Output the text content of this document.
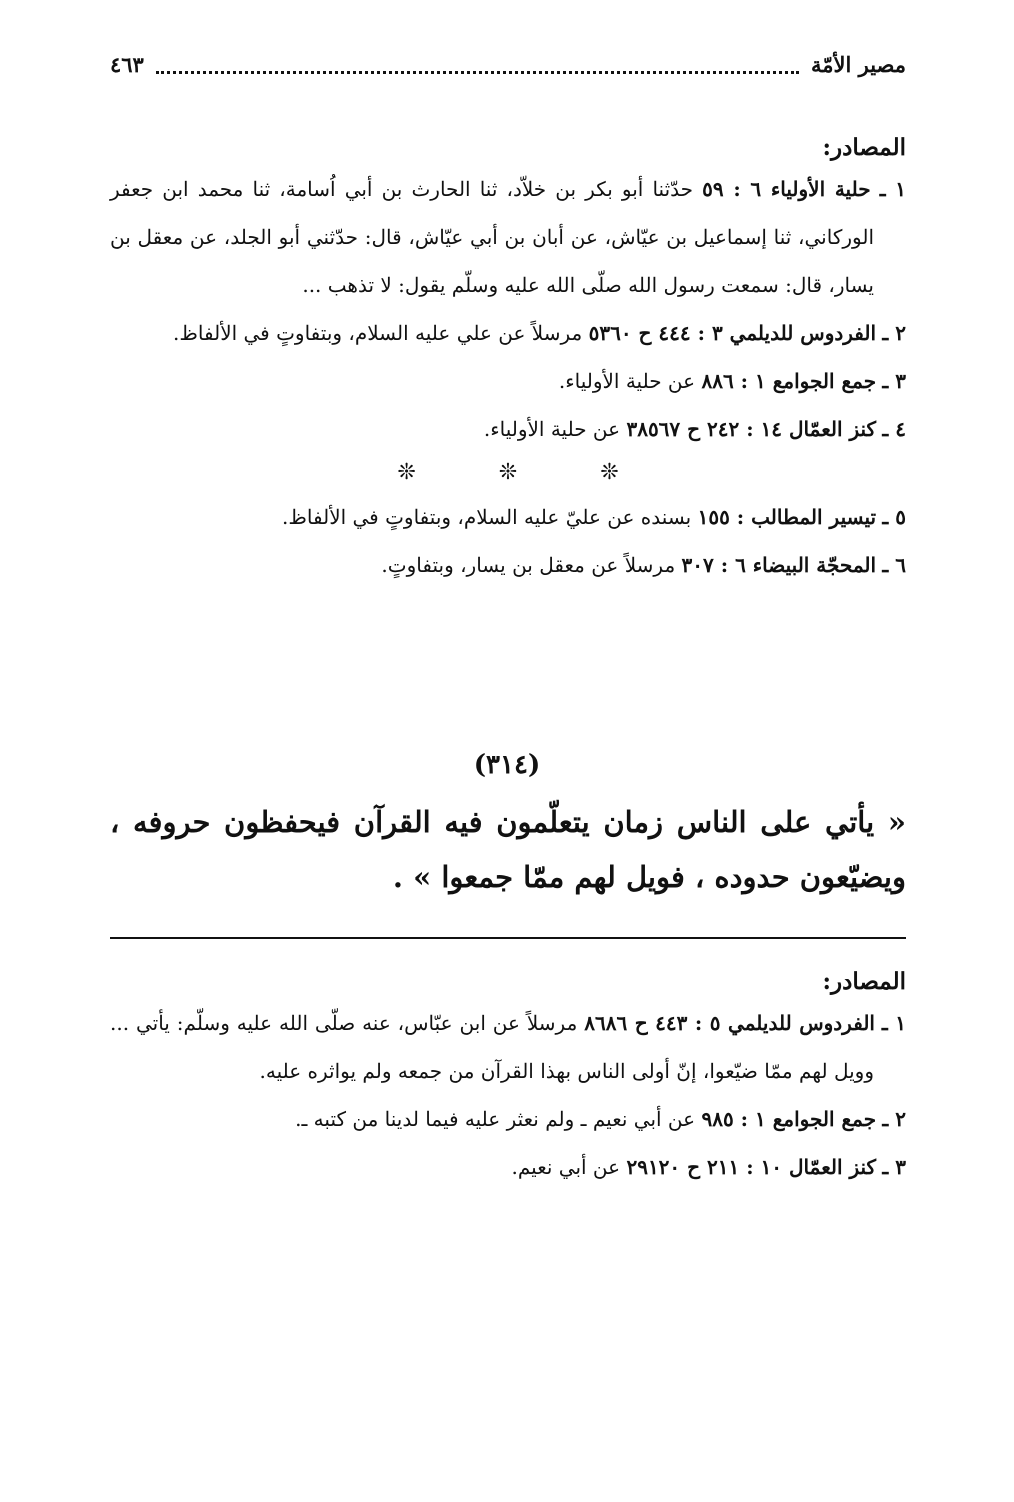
مصير الأمّة
٤٦٣
المصادر:

١ ـ حلية الأولياء ٦ : ٥٩ حدّثنا أبو بكر بن خلاّد، ثنا الحارث بن أبي اُسامة، ثنا محمد ابن جعفر الوركاني، ثنا إسماعيل بن عيّاش، عن أبان بن أبي عيّاش، قال: حدّثني أبو الجلد، عن معقل بن يسار، قال: سمعت رسول الله صلّى الله عليه وسلّم يقول: لا تذهب ...

٢ ـ الفردوس للديلمي ٣ : ٤٤٤ ح ٥٣٦٠ مرسلاً عن علي عليه السلام، وبتفاوتٍ في الألفاظ.

٣ ـ جمع الجوامع ١ : ٨٨٦ عن حلية الأولياء.

٤ ـ كنز العمّال ١٤ : ٢٤٢ ح ٣٨٥٦٧ عن حلية الأولياء.

❊ ❊ ❊

٥ ـ تيسير المطالب : ١٥٥ بسنده عن عليّ عليه السلام، وبتفاوتٍ في الألفاظ.

٦ ـ المحجّة البيضاء ٦ : ٣٠٧ مرسلاً عن معقل بن يسار، وبتفاوتٍ.

(٣١٤)

« يأتي على الناس زمان يتعلّمون فيه القرآن فيحفظون حروفه ، ويضيّعون حدوده ، فويل لهم ممّا جمعوا » .

المصادر:

١ ـ الفردوس للديلمي ٥ : ٤٤٣ ح ٨٦٨٦ مرسلاً عن ابن عبّاس، عنه صلّى الله عليه وسلّم: يأتي ... وويل لهم ممّا ضيّعوا، إنّ أولى الناس بهذا القرآن من جمعه ولم يواثره عليه.

٢ ـ جمع الجوامع ١ : ٩٨٥ عن أبي نعيم ـ ولم نعثر عليه فيما لدينا من كتبه ـ.

٣ ـ كنز العمّال ١٠ : ٢١١ ح ٢٩١٢٠ عن أبي نعيم.
